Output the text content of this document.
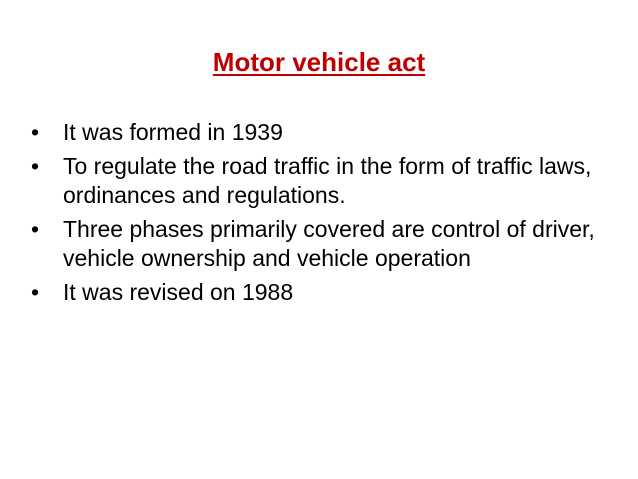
Motor vehicle act
•	It was formed in 1939
•	To regulate the road traffic in the form of traffic laws, ordinances and regulations.
•	Three phases primarily covered are control of driver, vehicle ownership and vehicle operation
•	It was revised on 1988
